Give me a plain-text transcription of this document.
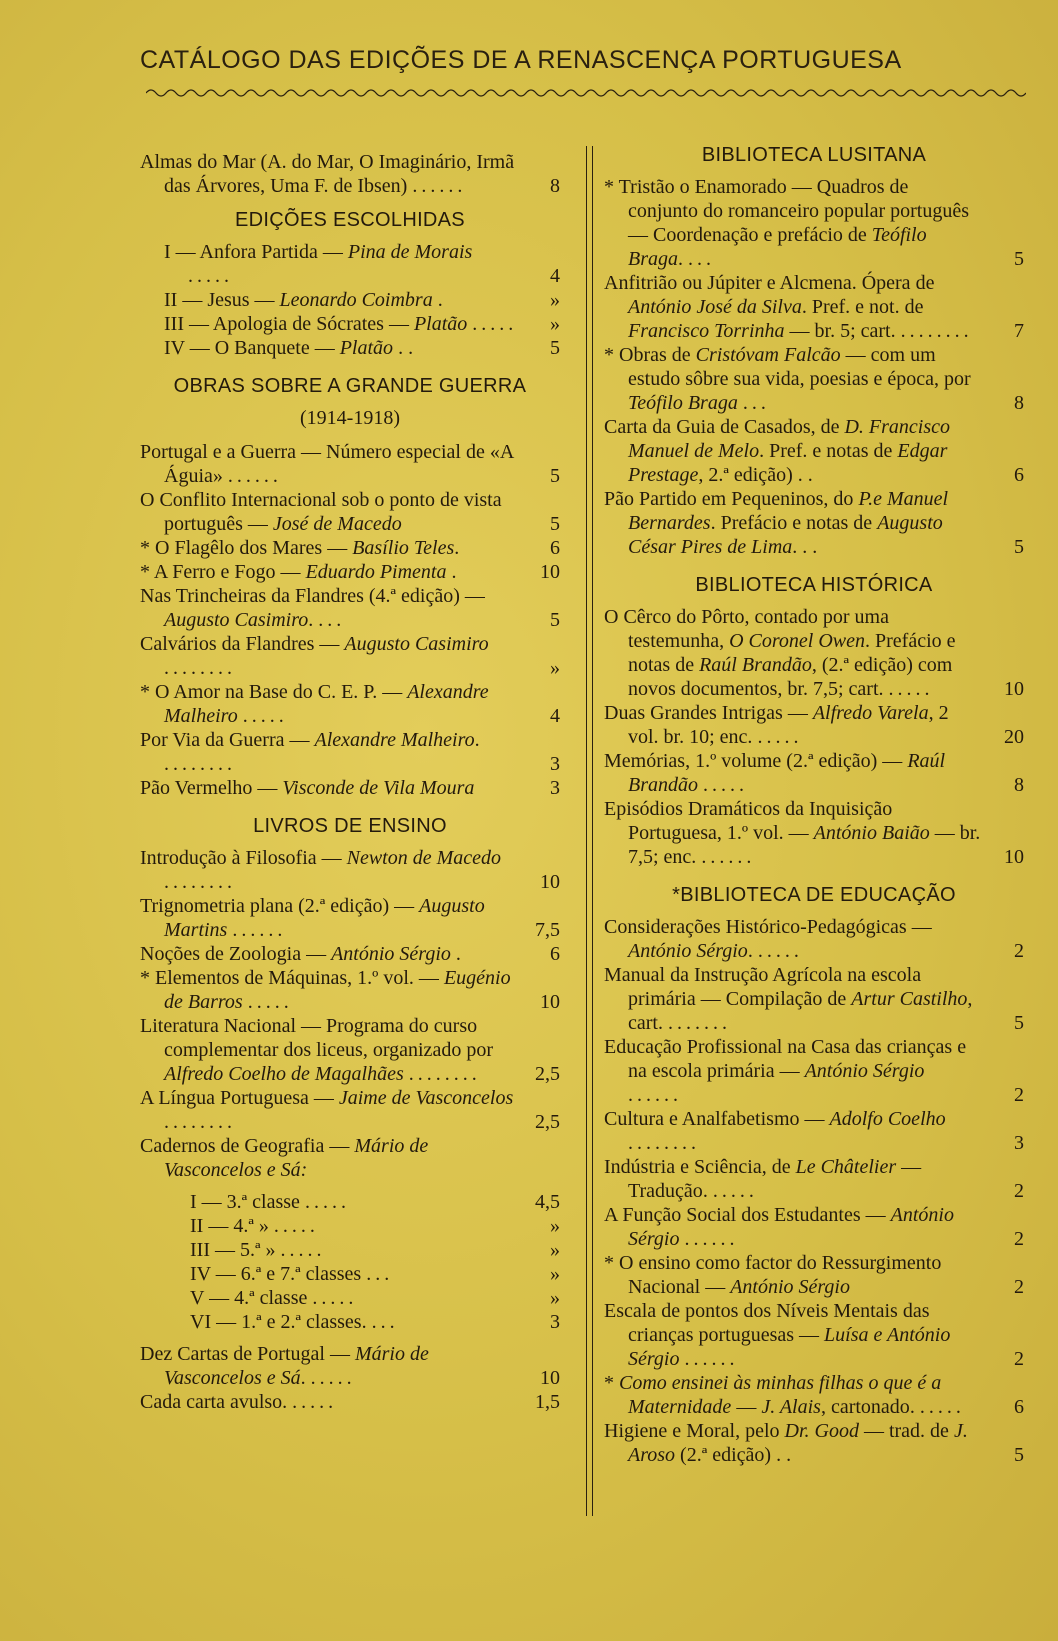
CATÁLOGO DAS EDIÇÕES DE A RENASCENÇA PORTUGUESA
Almas do Mar (A. do Mar, O Imaginário, Irmã das Árvores, Uma F. de Ibsen) ......	8
EDIÇÕES ESCOLHIDAS
I — Anfora Partida — Pina de Morais .....	4
II — Jesus — Leonardo Coimbra .	»
III — Apologia de Sócrates — Platão .....	»
IV — O Banquete — Platão . .	5
OBRAS SOBRE A GRANDE GUERRA
(1914-1918)
Portugal e a Guerra — Número especial de «A Águia» ......	5
O Conflito Internacional sob o ponto de vista português — José de Macedo	5
* O Flagêlo dos Mares — Basílio Teles.	6
* A Ferro e Fogo — Eduardo Pimenta .	10
Nas Trincheiras da Flandres (4.ª edição) — Augusto Casimiro. ...	5
Calvários da Flandres — Augusto Casimiro ........	»
* O Amor na Base do C. E. P. — Alexandre Malheiro .....	4
Por Via da Guerra — Alexandre Malheiro. ........	3
Pão Vermelho — Visconde de Vila Moura	3
LIVROS DE ENSINO
Introdução à Filosofia — Newton de Macedo ........	10
Trignometria plana (2.ª edição) — Augusto Martins ......	7,5
Noções de Zoologia — António Sérgio .	6
* Elementos de Máquinas, 1.º vol. — Eugénio de Barros .....	10
Literatura Nacional — Programa do curso complementar dos liceus, organizado por Alfredo Coelho de Magalhães ........	2,5
A Língua Portuguesa — Jaime de Vasconcelos ........	2,5
Cadernos de Geografia — Mário de Vasconcelos e Sá:
I — 3.ª classe .....	4,5
II — 4.ª » .....	»
III — 5.ª » .....	»
IV — 6.ª e 7.ª classes ...	»
V — 4.ª classe .....	»
VI — 1.ª e 2.ª classes. ...	3
Dez Cartas de Portugal — Mário de Vasconcelos e Sá. .....	10
Cada carta avulso. .....	1,5
BIBLIOTECA LUSITANA
* Tristão o Enamorado — Quadros de conjunto do romanceiro popular português — Coordenação e prefácio de Teófilo Braga. ...	5
Anfitrião ou Júpiter e Alcmena. Ópera de António José da Silva. Pref. e not. de Francisco Torrinha — br. 5; cart. ........	7
* Obras de Cristóvam Falcão — com um estudo sôbre sua vida, poesias e época, por Teófilo Braga ...	8
Carta da Guia de Casados, de D. Francisco Manuel de Melo. Pref. e notas de Edgar Prestage, 2.ª edição) . .	6
Pão Partido em Pequeninos, do P.e Manuel Bernardes. Prefácio e notas de Augusto César Pires de Lima. . .	5
BIBLIOTECA HISTÓRICA
O Cêrco do Pôrto, contado por uma testemunha, O Coronel Owen. Prefácio e notas de Raúl Brandão, (2.ª edição) com novos documentos, br. 7,5; cart. .....	10
Duas Grandes Intrigas — Alfredo Varela, 2 vol. br. 10; enc. .....	20
Memórias, 1.º volume (2.ª edição) — Raúl Brandão .....	8
Episódios Dramáticos da Inquisição Portuguesa, 1.º vol. — António Baião — br. 7,5; enc. ......	10
*BIBLIOTECA DE EDUCAÇÃO
Considerações Histórico-Pedagógicas — António Sérgio. .....	2
Manual da Instrução Agrícola na escola primária — Compilação de Artur Castilho, cart. .......	5
Educação Profissional na Casa das crianças e na escola primária — António Sérgio ......	2
Cultura e Analfabetismo — Adolfo Coelho ........	3
Indústria e Sciência, de Le Châtelier — Tradução. .....	2
A Função Social dos Estudantes — António Sérgio ......	2
* O ensino como factor do Ressurgimento Nacional — António Sérgio	2
Escala de pontos dos Níveis Mentais das crianças portuguesas — Luísa e António Sérgio ......	2
* Como ensinei às minhas filhas o que é a Maternidade — J. Alais, cartonado. .....	6
Higiene e Moral, pelo Dr. Good — trad. de J. Aroso (2.ª edição) . .	5
